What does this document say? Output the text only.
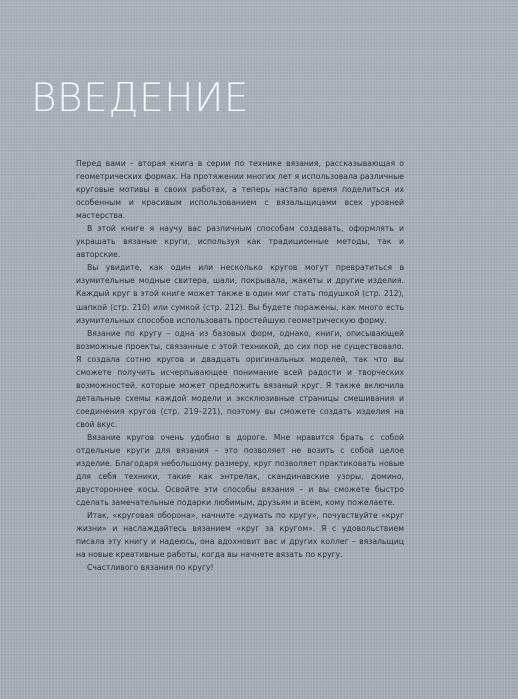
ВВЕДЕНИЕ

Перед вами – вторая книга в серии по технике вязания, рассказывающая о геометрических формах. На протяжении многих лет я использовала различные круговые мотивы в своих работах, а теперь настало время поделиться их особенным и красивым использованием с вязальщицами всех уровней мастерства.

В этой книге я научу вас различным способам создавать, оформлять и украшать вязаные круги, используя как традиционные методы, так и авторские.

Вы увидите, как один или несколько кругов могут превратиться в изумительные модные свитера, шали, покрывала, жакеты и другие изделия. Каждый круг в этой книге может также в один миг стать подушкой (стр. 212), шапкой (стр. 210) или сумкой (стр. 212). Вы будете поражены, как много есть изумительных способов использовать простейшую геометрическую форму.

Вязание по кругу – одна из базовых форм, однако, книги, описывающей возможные проекты, связанные с этой техникой, до сих пор не существовало. Я создала сотню кругов и двадцать оригинальных моделей, так что вы сможете получить исчерпывающее понимание всей радости и творческих возможностей, которые может предложить вязаный круг. Я также включила детальные схемы каждой модели и эксклюзивные страницы смешивания и соединения кругов (стр. 219–221), поэтому вы сможете создать изделия на свой вкус.

Вязание кругов очень удобно в дороге. Мне нравится брать с собой отдельные круги для вязания – это позволяет не возить с собой целое изделие. Благодаря небольшому размеру, круг позволяет практиковать новые для себя техники, такие как энтрелак, скандинавские узоры, домино, двустороннее косы. Освойте эти способы вязания – и вы сможете быстро сделать замечательные подарки любимым, друзьям и всем, кому пожелаете.

Итак, «круговая оборона», начните «думать по кругу», почувствуйте «круг жизни» и наслаждайтесь вязанием «круг за кругом». Я с удовольствием писала эту книгу и надеюсь, она вдохновит вас и других коллег – вязальщиц на новые креативные работы, когда вы начнете вязать по кругу.

Счастливого вязания по кругу!
